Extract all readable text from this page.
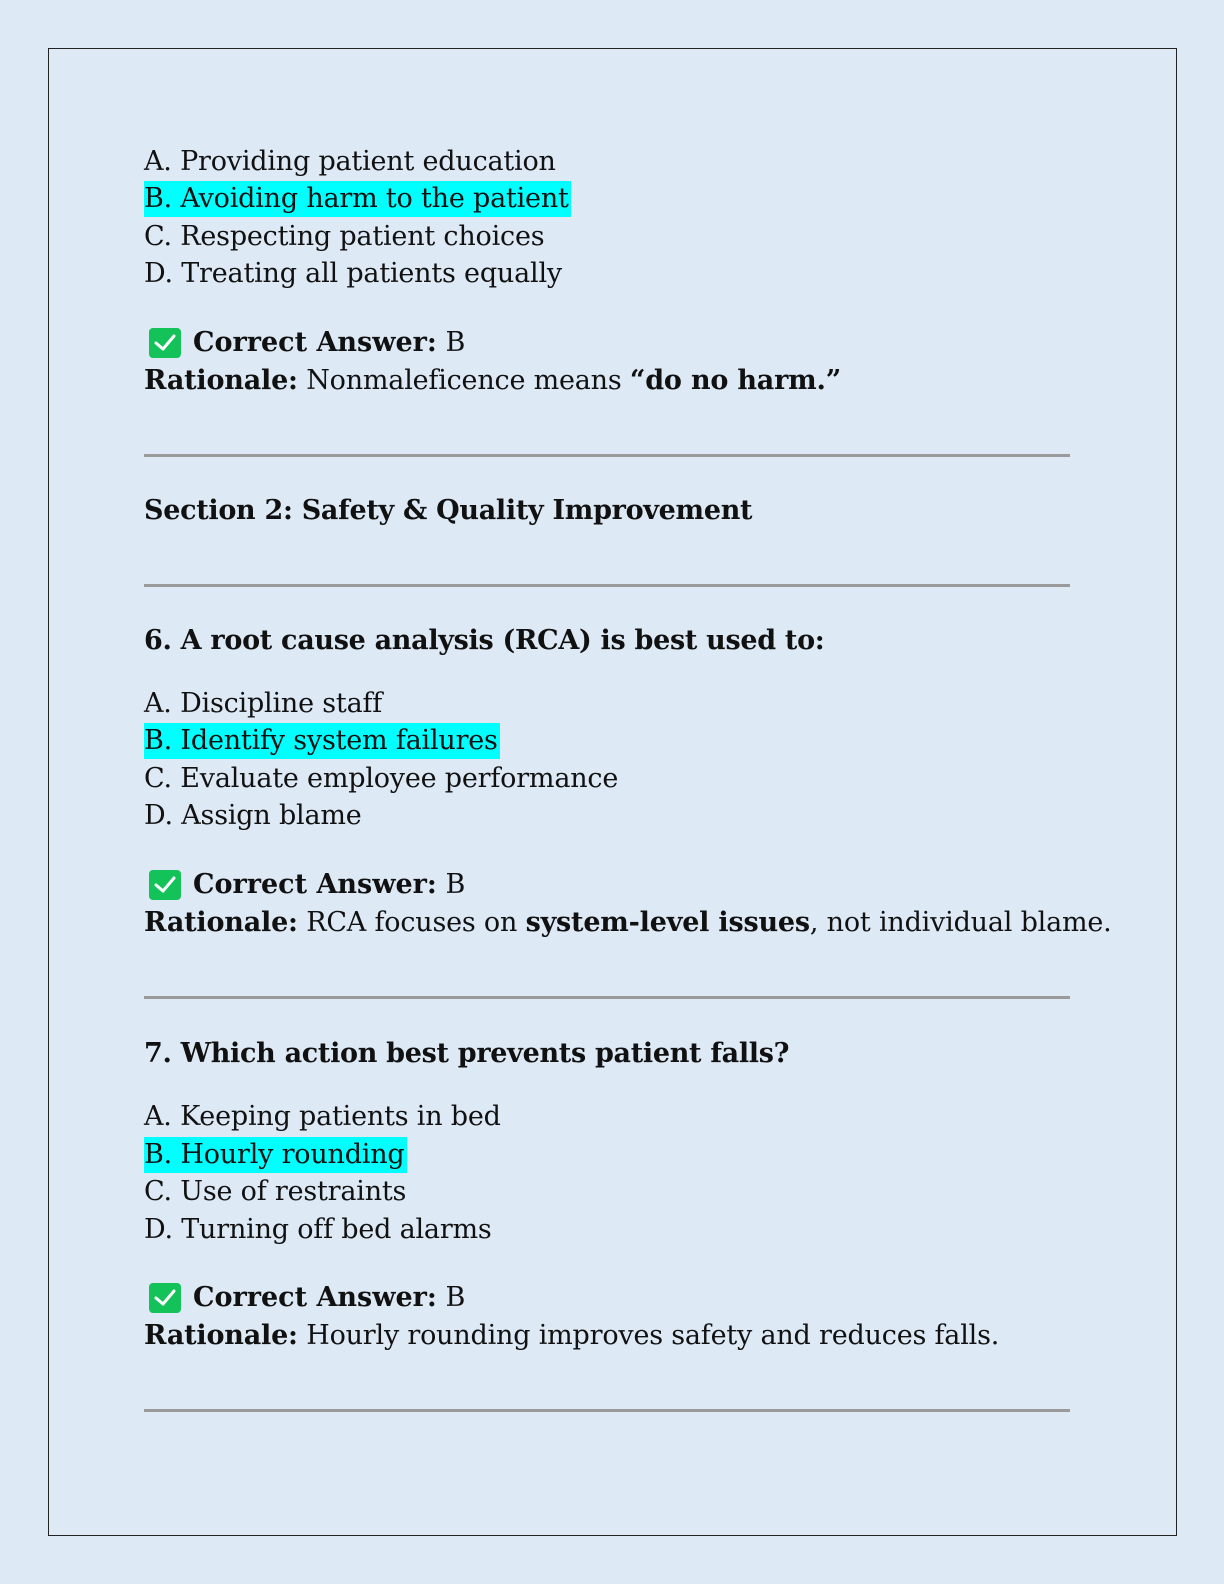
A. Providing patient education
B. Avoiding harm to the patient
C. Respecting patient choices
D. Treating all patients equally
Correct Answer:
B
Rationale: Nonmaleficence means “do no harm.”
Section 2: Safety & Quality Improvement
6. A root cause analysis (RCA) is best used to:
A. Discipline staff
B. Identify system failures
C. Evaluate employee performance
D. Assign blame
Correct Answer:
B
Rationale: RCA focuses on system-level issues, not individual blame.
7. Which action best prevents patient falls?
A. Keeping patients in bed
B. Hourly rounding
C. Use of restraints
D. Turning off bed alarms
Correct Answer:
B
Rationale: Hourly rounding improves safety and reduces falls.
